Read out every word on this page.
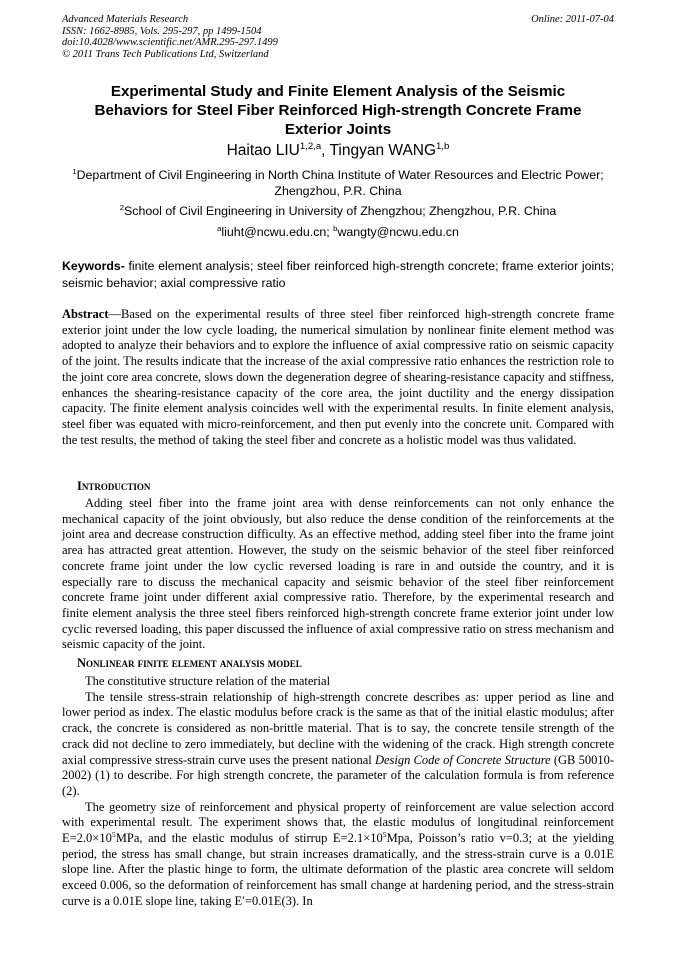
Advanced Materials Research
ISSN: 1662-8985, Vols. 295-297, pp 1499-1504
doi:10.4028/www.scientific.net/AMR.295-297.1499
© 2011 Trans Tech Publications Ltd, Switzerland
Online: 2011-07-04
Experimental Study and Finite Element Analysis of the Seismic
Behaviors for Steel Fiber Reinforced High-strength Concrete Frame
Exterior Joints
Haitao LIU$^{1,2,a}$, Tingyan WANG$^{1,b}$
$^1$Department of Civil Engineering in North China Institute of Water Resources and Electric Power;
Zhengzhou, P.R. China
$^2$School of Civil Engineering in University of Zhengzhou; Zhengzhou, P.R. China
$^a$liuht@ncwu.edu.cn; $^b$wangty@ncwu.edu.cn
Keywords- finite element analysis; steel fiber reinforced high-strength concrete; frame exterior joints; seismic behavior; axial compressive ratio

Abstract—Based on the experimental results of three steel fiber reinforced high-strength concrete frame exterior joint under the low cycle loading, the numerical simulation by nonlinear finite element method was adopted to analyze their behaviors and to explore the influence of axial compressive ratio on seismic capacity of the joint. The results indicate that the increase of the axial compressive ratio enhances the restriction role to the joint core area concrete, slows down the degeneration degree of shearing-resistance capacity and stiffness, enhances the shearing-resistance capacity of the core area, the joint ductility and the energy dissipation capacity. The finite element analysis coincides well with the experimental results. In finite element analysis, steel fiber was equated with micro-reinforcement, and then put evenly into the concrete unit. Compared with the test results, the method of taking the steel fiber and concrete as a holistic model was thus validated.

Introduction

Adding steel fiber into the frame joint area with dense reinforcements can not only enhance the mechanical capacity of the joint obviously, but also reduce the dense condition of the reinforcements at the joint area and decrease construction difficulty. As an effective method, adding steel fiber into the frame joint area has attracted great attention. However, the study on the seismic behavior of the steel fiber reinforced concrete frame joint under the low cyclic reversed loading is rare in and outside the country, and it is especially rare to discuss the mechanical capacity and seismic behavior of the steel fiber reinforcement concrete frame joint under different axial compressive ratio. Therefore, by the experimental research and finite element analysis the three steel fibers reinforced high-strength concrete frame exterior joint under low cyclic reversed loading, this paper discussed the influence of axial compressive ratio on stress mechanism and seismic capacity of the joint.

Nonlinear finite element analysis model

The constitutive structure relation of the material

The tensile stress-strain relationship of high-strength concrete describes as: upper period as line and lower period as index. The elastic modulus before crack is the same as that of the initial elastic modulus; after crack, the concrete is considered as non-brittle material. That is to say, the concrete tensile strength of the crack did not decline to zero immediately, but decline with the widening of the crack. High strength concrete axial compressive stress-strain curve uses the present national Design Code of Concrete Structure (GB 50010-2002) (1) to describe. For high strength concrete, the parameter of the calculation formula is from reference (2).

The geometry size of reinforcement and physical property of reinforcement are value selection accord with experimental result. The experiment shows that, the elastic modulus of longitudinal reinforcement $E=2.0\times 10^5MPa$, and the elastic modulus of stirrup $E=2.1\times 10^5Mpa$, Poisson’s ratio v=0.3; at the yielding period, the stress has small change, but strain increases dramatically, and the stress-strain curve is a 0.01E slope line. After the plastic hinge to form, the ultimate deformation of the plastic area concrete will seldom exceed 0.006, so the deformation of reinforcement has small change at hardening period, and the stress-strain curve is a 0.01E slope line, taking E′=0.01E(3). In
